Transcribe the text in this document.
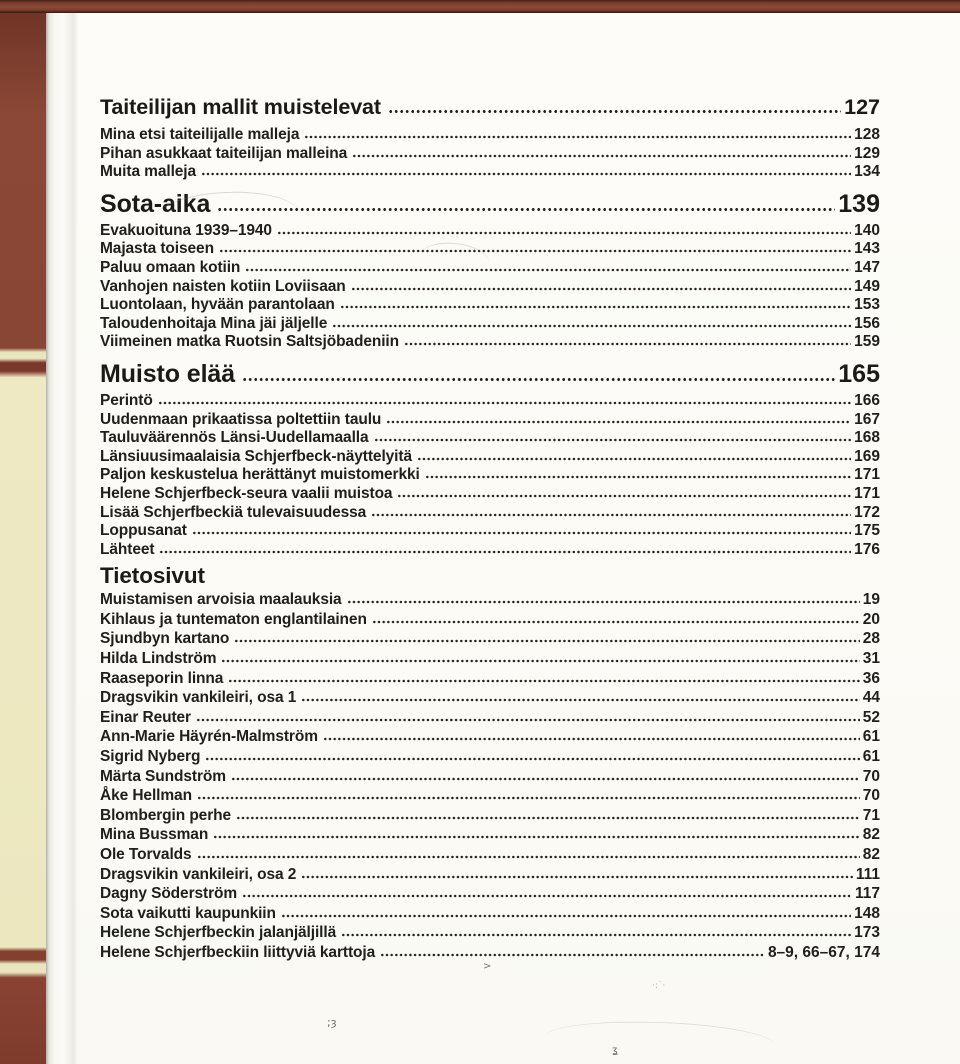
Taiteilijan mallit muistelevat	127
Mina etsi taiteilijalle malleja	128
Pihan asukkaat taiteilijan malleina	129
Muita malleja	134
Sota-aika	139
Evakuoituna 1939–1940	140
Majasta toiseen	143
Paluu omaan kotiin	147
Vanhojen naisten kotiin Loviisaan	149
Luontolaan, hyvään parantolaan	153
Taloudenhoitaja Mina jäi jäljelle	156
Viimeinen matka Ruotsin Saltsjöbadeniin	159
Muisto elää	165
Perintö	166
Uudenmaan prikaatissa poltettiin taulu	167
Tauluväärennös Länsi-Uudellamaalla	168
Länsiuusimaalaisia Schjerfbeck-näyttelyitä	169
Paljon keskustelua herättänyt muistomerkki	171
Helene Schjerfbeck-seura vaalii muistoa	171
Lisää Schjerfbeckiä tulevaisuudessa	172
Loppusanat	175
Lähteet	176
Tietosivut
Muistamisen arvoisia maalauksia	19
Kihlaus ja tuntematon englantilainen	20
Sjundbyn kartano	28
Hilda Lindström	31
Raaseporin linna	36
Dragsvikin vankileiri, osa 1	44
Einar Reuter	52
Ann-Marie Häyrén-Malmström	61
Sigrid Nyberg	61
Märta Sundström	70
Åke Hellman	70
Blombergin perhe	71
Mina Bussman	82
Ole Torvalds	82
Dragsvikin vankileiri, osa 2	111
Dagny Söderström	117
Sota vaikutti kaupunkiin	148
Helene Schjerfbeckin jalanjäljillä	173
Helene Schjerfbeckiin liittyviä karttoja	8–9, 66–67, 174
>
·:˙·
;ȝ
ʓ
